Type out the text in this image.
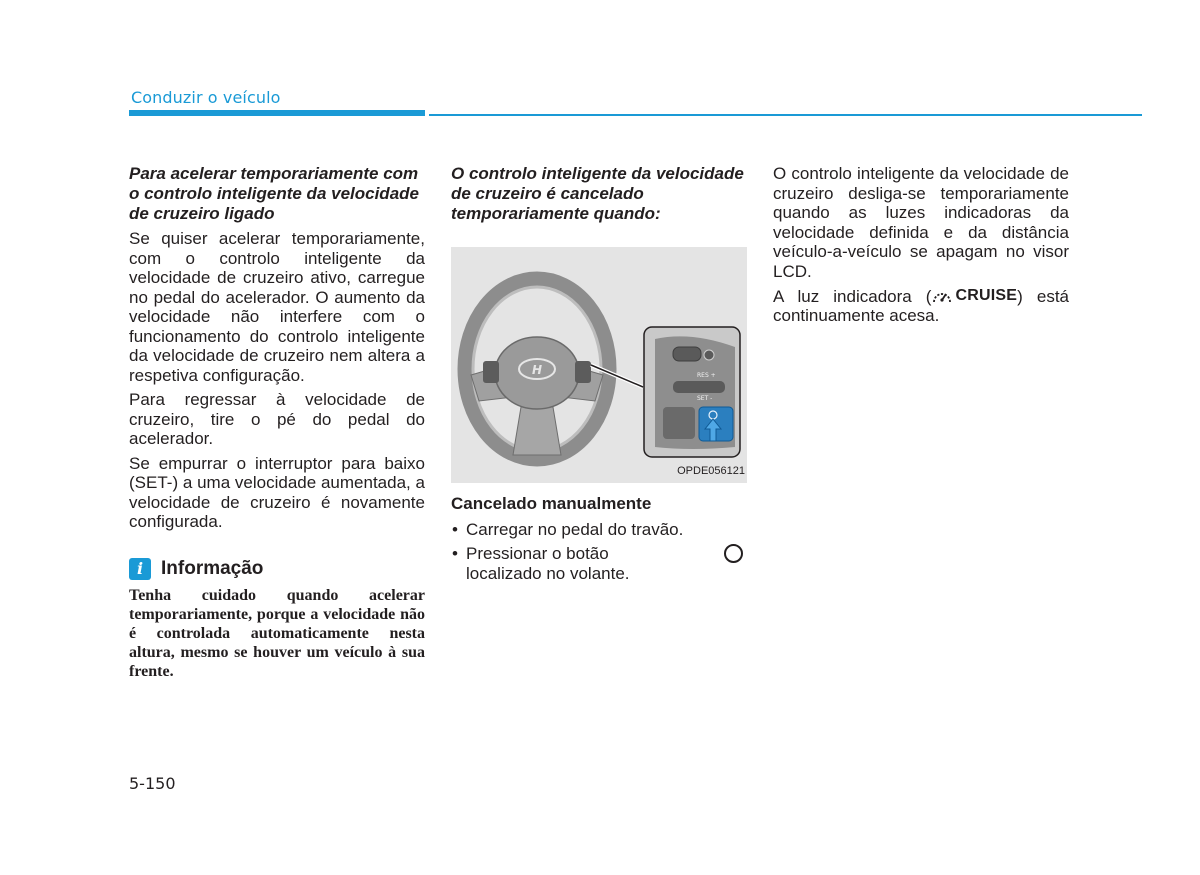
Conduzir o veículo
Para acelerar temporariamente com o controlo inteligente da velocidade de cruzeiro ligado

Se quiser acelerar temporariamente, com o controlo inteligente da velocidade de cruzeiro ativo, carregue no pedal do acelerador. O aumento da velocidade não interfere com o funcionamento do controlo inteligente da velocidade de cruzeiro nem altera a respetiva configuração.

Para regressar à velocidade de cruzeiro, tire o pé do pedal do acelerador.

Se empurrar o interruptor para baixo (SET-) a uma velocidade aumentada, a velocidade de cruzeiro é novamente configurada.

i Informação

Tenha cuidado quando acelerar temporariamente, porque a velocidade não é controlada automaticamente nesta altura, mesmo se houver um veículo à sua frente.

O controlo inteligente da velocidade de cruzeiro é cancelado temporariamente quando:
H	RES +
SET -
OPDE056121
Cancelado manualmente
• Carregar no pedal do travão.
• Pressionar o botão
localizado no volante.

O controlo inteligente da velocidade de cruzeiro desliga-se temporariamente quando as luzes indicadoras da velocidade definida e da distância veículo-a-veículo se apagam no visor LCD.

A luz indicadora ( CRUISE ) está continuamente acesa.

5-150
